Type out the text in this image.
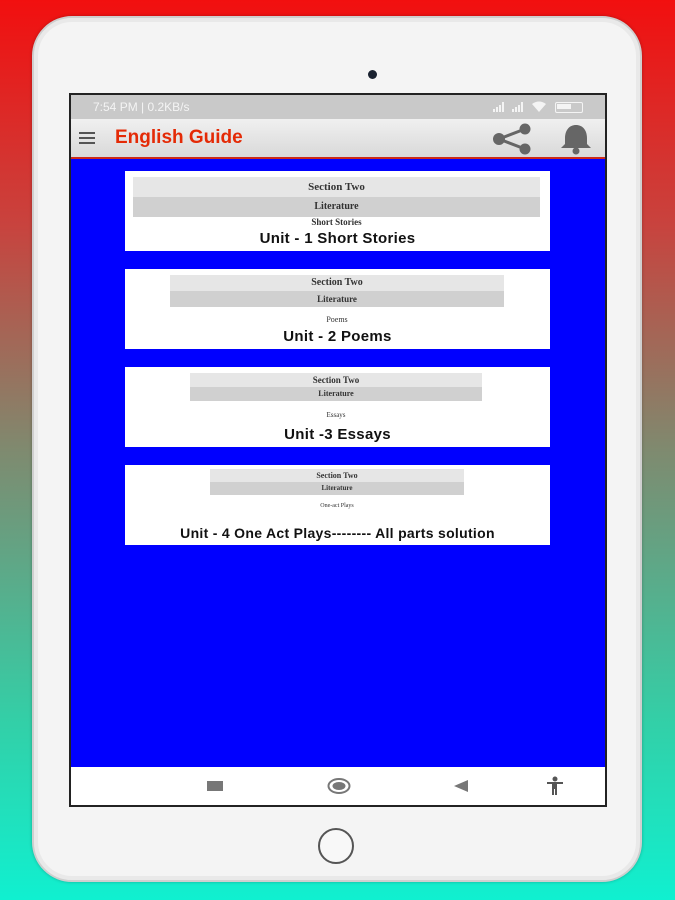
7:54 PM | 0.2KB/s
English Guide
Section Two
Literature
Short Stories
Unit - 1 Short Stories
Section Two
Literature
Poems
Unit - 2 Poems
Section Two
Literature
Essays
Unit -3 Essays
Section Two
Literature
One-act Plays
Unit - 4 One Act Plays-------- All parts solution
